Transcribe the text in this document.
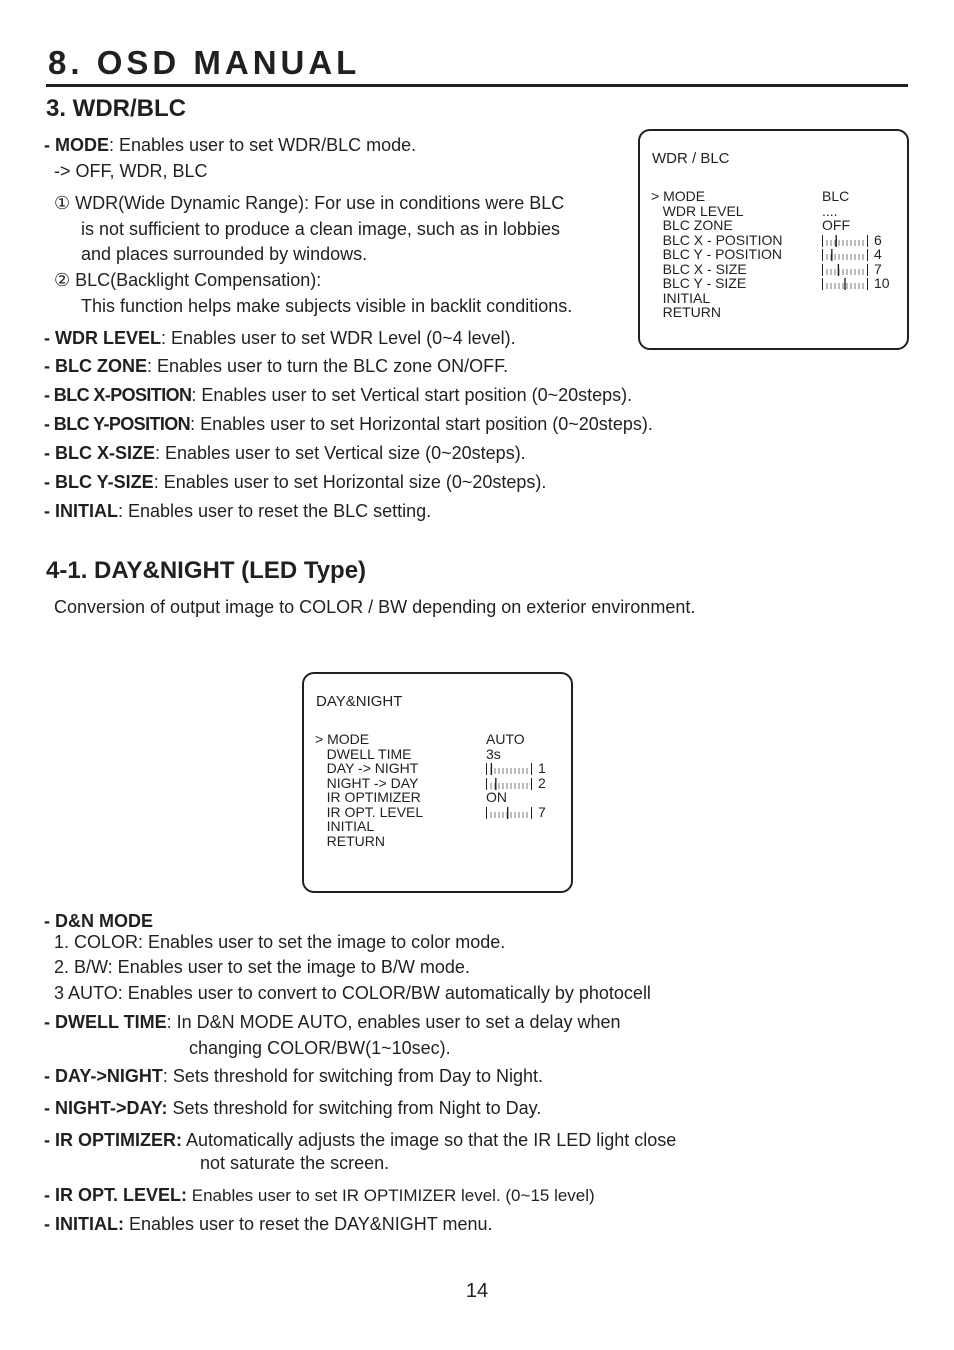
8. OSD MANUAL
3. WDR/BLC
- MODE: Enables user to set WDR/BLC mode.
-> OFF, WDR, BLC
① WDR(Wide Dynamic Range): For use in conditions were BLC
is not sufficient to produce a clean image, such as in lobbies
and places surrounded by windows.
② BLC(Backlight Compensation):
This function helps make subjects visible in backlit conditions.
- WDR LEVEL: Enables user to set WDR Level (0~4 level).
- BLC ZONE: Enables user to turn the BLC zone ON/OFF.
- BLC X-POSITION: Enables user to set Vertical start position (0~20steps).
- BLC Y-POSITION: Enables user to set Horizontal start position (0~20steps).
- BLC X-SIZE: Enables user to set Vertical size (0~20steps).
- BLC Y-SIZE: Enables user to set Horizontal size (0~20steps).
- INITIAL: Enables user to reset the BLC setting.
WDR / BLC
> MODE	BLC
WDR LEVEL	....
BLC ZONE	OFF
BLC X - POSITION	6
BLC Y - POSITION	4
BLC X - SIZE	7
BLC Y - SIZE	10
INITIAL
RETURN
4-1. DAY&NIGHT (LED Type)
Conversion of output image to COLOR / BW depending on exterior environment.
DAY&NIGHT
> MODE	AUTO
DWELL TIME	3s
DAY -> NIGHT	1
NIGHT -> DAY	2
IR OPTIMIZER	ON
IR OPT. LEVEL	7
INITIAL
RETURN
- D&N MODE
1. COLOR: Enables user to set the image to color mode.
2. B/W: Enables user to set the image to B/W mode.
3 AUTO: Enables user to convert to COLOR/BW automatically by photocell
- DWELL TIME: In D&N MODE AUTO, enables user to set a delay when
changing COLOR/BW(1~10sec).
- DAY->NIGHT: Sets threshold for switching from Day to Night.
- NIGHT->DAY: Sets threshold for switching from Night to Day.
- IR OPTIMIZER: Automatically adjusts the image so that the IR LED light close
not saturate the screen.
- IR OPT. LEVEL: Enables user to set IR OPTIMIZER level. (0~15 level)
- INITIAL: Enables user to reset the DAY&NIGHT menu.
14
